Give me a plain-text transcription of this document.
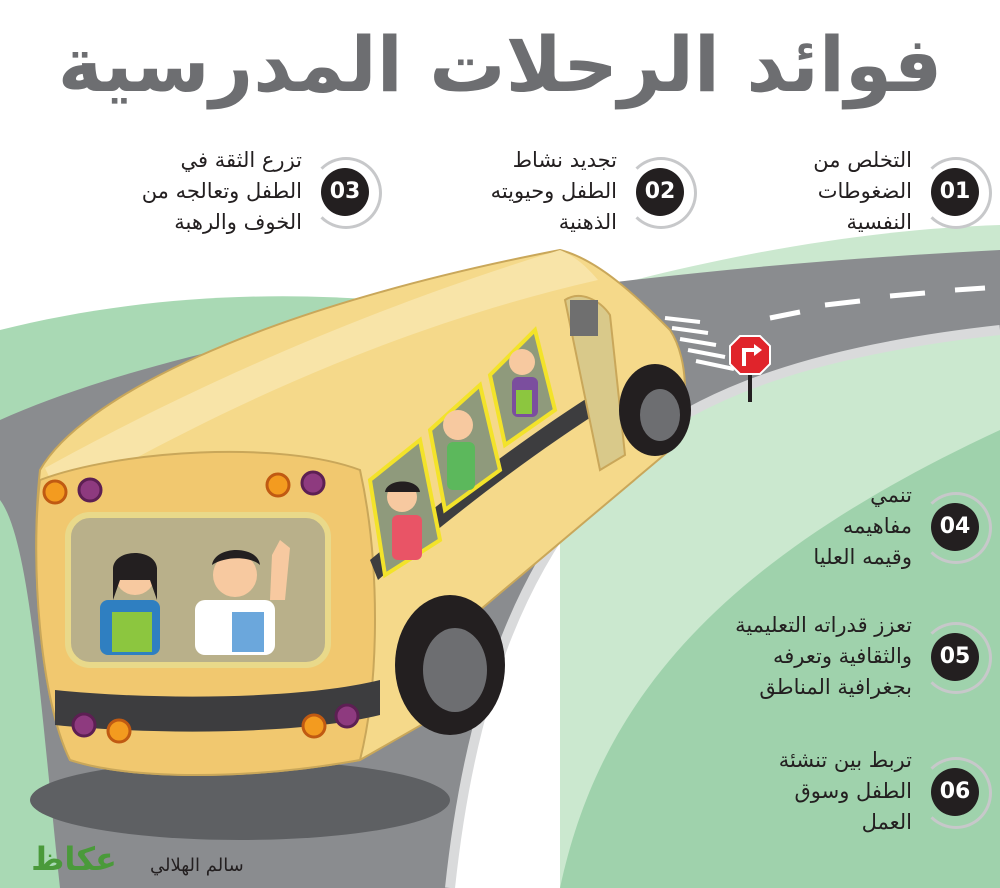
فوائد الرحلات المدرسية
01
التخلص من
الضغوطات
النفسية
02
تجديد نشاط
الطفل وحيويته
الذهنية
03
تزرع الثقة في
الطفل وتعالجه من
الخوف والرهبة
04
تنمي
مفاهيمه
وقيمه العليا
05
تعزز قدراته التعليمية
والثقافية وتعرفه
بجغرافية المناطق
06
تربط بين تنشئة
الطفل وسوق
العمل
عكاظ سالم الهلالي
